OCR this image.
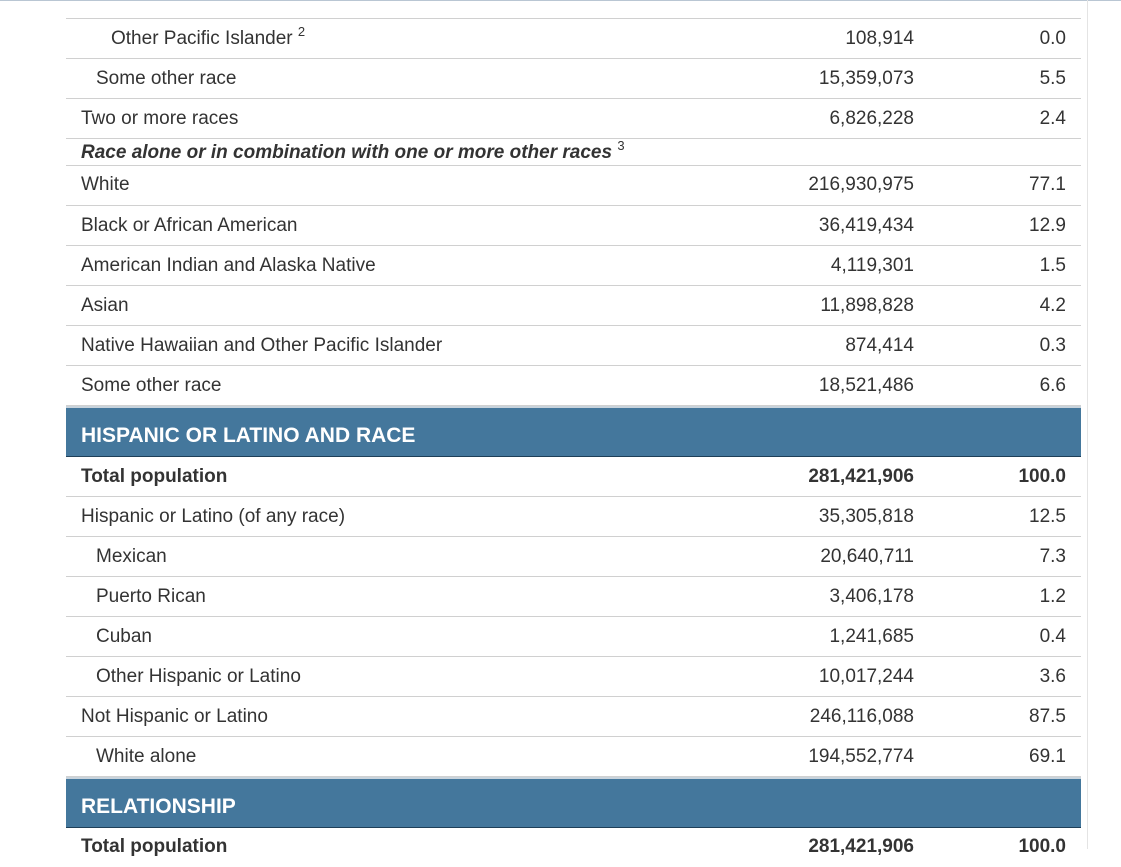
Other Pacific Islander $^2$	108,914	0.0
Some other race	15,359,073	5.5
Two or more races	6,826,228	2.4
Race alone or in combination with one or more other races $^3$
White	216,930,975	77.1
Black or African American	36,419,434	12.9
American Indian and Alaska Native	4,119,301	1.5
Asian	11,898,828	4.2
Native Hawaiian and Other Pacific Islander	874,414	0.3
Some other race	18,521,486	6.6
HISPANIC OR LATINO AND RACE
Total population	281,421,906	100.0
Hispanic or Latino (of any race)	35,305,818	12.5
Mexican	20,640,711	7.3
Puerto Rican	3,406,178	1.2
Cuban	1,241,685	0.4
Other Hispanic or Latino	10,017,244	3.6
Not Hispanic or Latino	246,116,088	87.5
White alone	194,552,774	69.1
RELATIONSHIP
Total population	281,421,906	100.0
